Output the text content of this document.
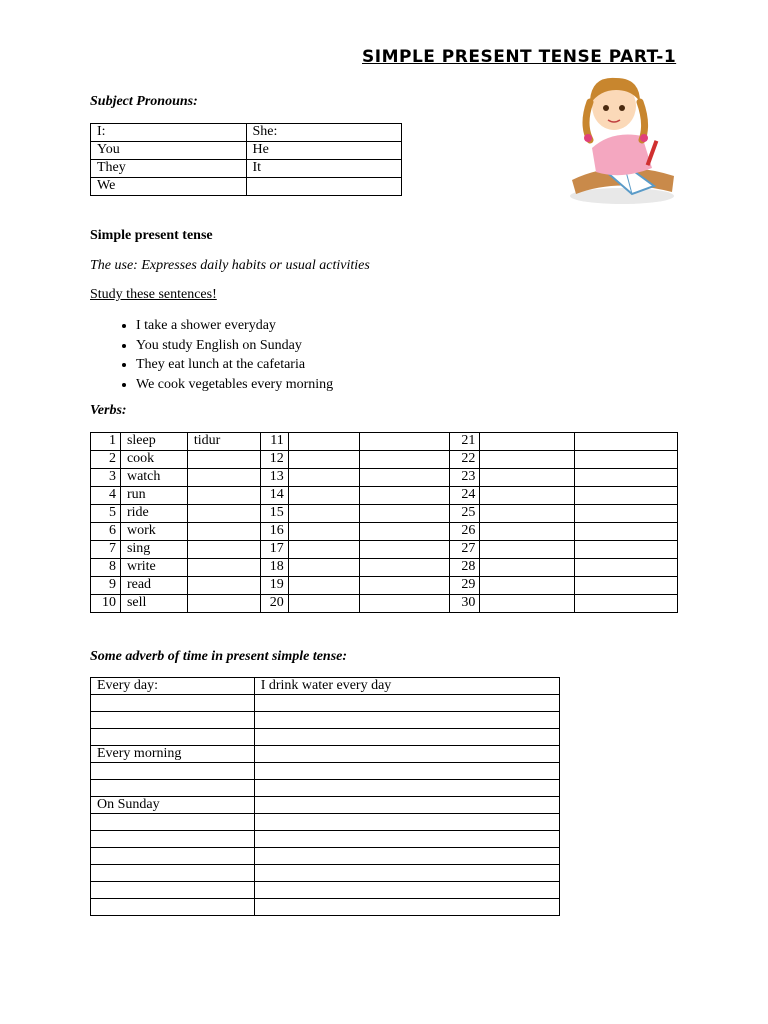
SIMPLE PRESENT TENSE PART-1
Subject Pronouns:
I:	She:
You	He
They	It
We	
Simple present tense
The use: Expresses daily habits or usual activities
Study these sentences!
• I take a shower everyday
• You study English on Sunday
• They eat lunch at the cafetaria
• We cook vegetables every morning
Verbs:
1	sleep	tidur	11			21		
2	cook		12			22		
3	watch		13			23		
4	run		14			24		
5	ride		15			25		
6	work		16			26		
7	sing		17			27		
8	write		18			28		
9	read		19			29		
10	sell		20			30		
Some adverb of time in present simple tense:
Every day:	I drink water every day

Every morning	

On Sunday	
